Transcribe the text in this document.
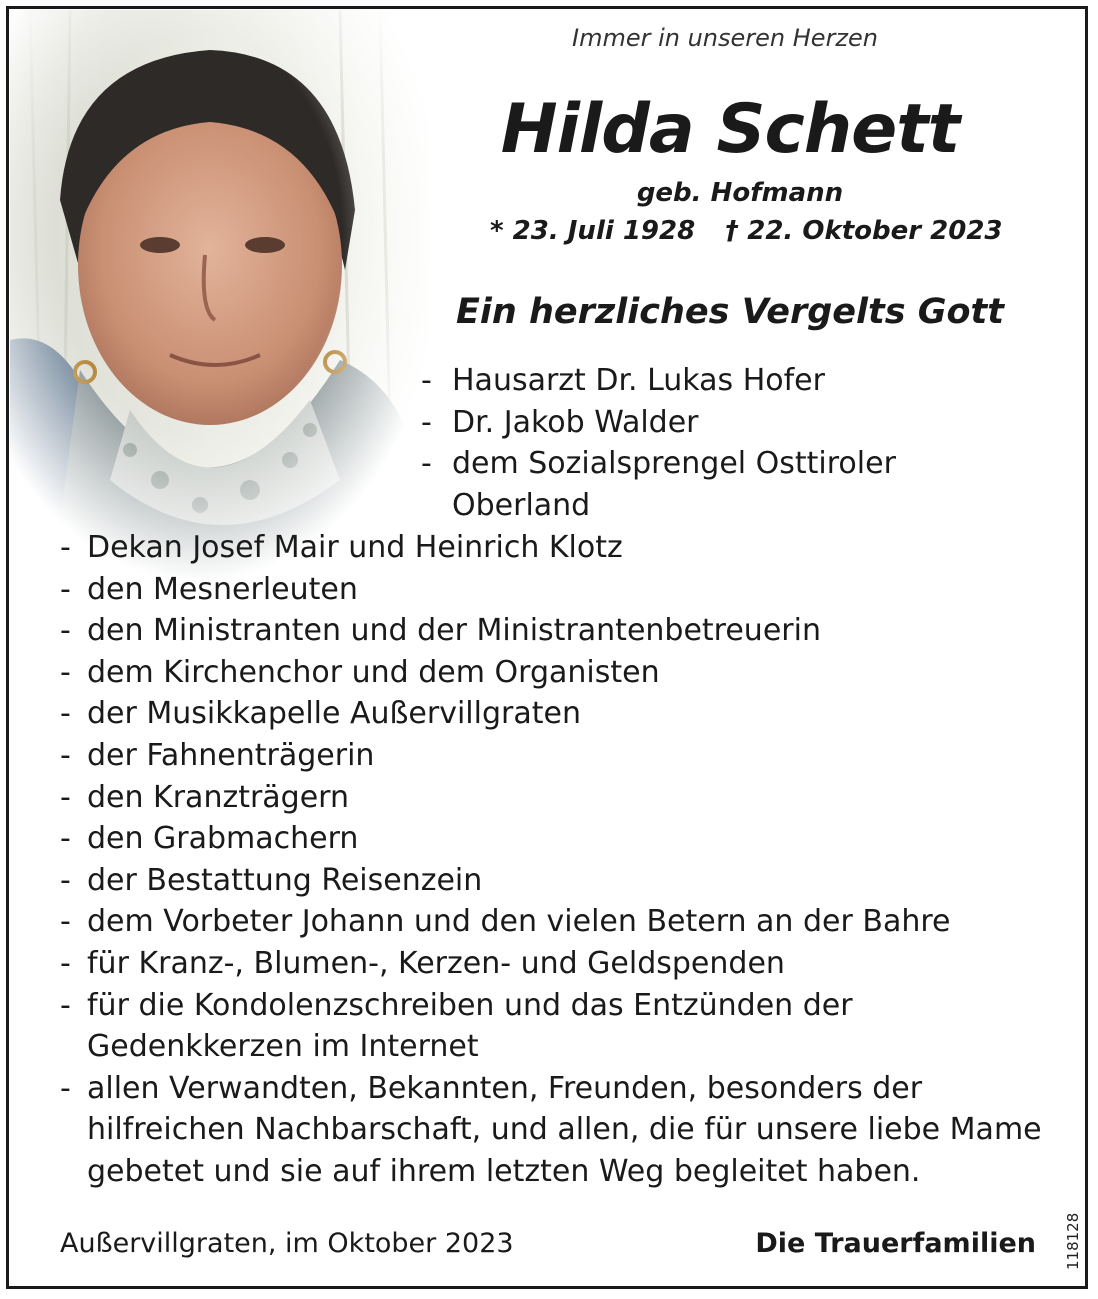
Immer in unseren Herzen
Hilda Schett
geb. Hofmann
* 23. Juli 1928 † 22. Oktober 2023
Ein herzliches Vergelts Gott
- Hausarzt Dr. Lukas Hofer
- Dr. Jakob Walder
- dem Sozialsprengel Osttiroler Oberland
- Dekan Josef Mair und Heinrich Klotz
- den Mesnerleuten
- den Ministranten und der Ministrantenbetreuerin
- dem Kirchenchor und dem Organisten
- der Musikkapelle Außervillgraten
- der Fahnenträgerin
- den Kranzträgern
- den Grabmachern
- der Bestattung Reisenzein
- dem Vorbeter Johann und den vielen Betern an der Bahre
- für Kranz-, Blumen-, Kerzen- und Geldspenden
- für die Kondolenzschreiben und das Entzünden der Gedenkkerzen im Internet
- allen Verwandten, Bekannten, Freunden, besonders der hilfreichen Nachbarschaft, und allen, die für unsere liebe Mame gebetet und sie auf ihrem letzten Weg begleitet haben.
Außervillgraten, im Oktober 2023	Die Trauerfamilien 118128
